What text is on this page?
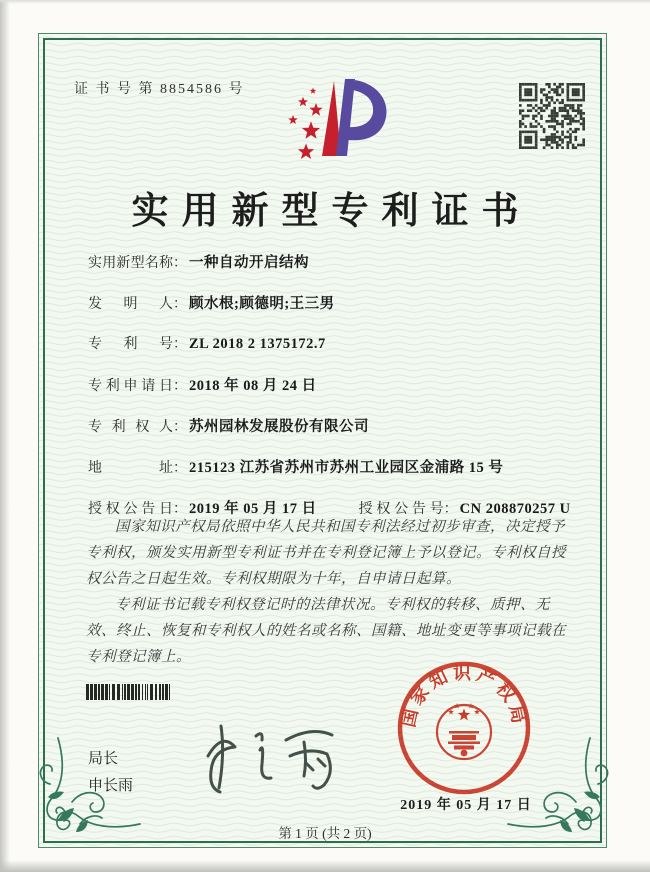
证 书 号 第 8854586 号
实用新型专利证书
实用新型名称 ： 一种自动开启结构
发明人 ： 顾水根;顾德明;王三男
专利号 ： ZL 2018 2 1375172.7
专利申请日 ： 2018 年 08 月 24 日
专利权人 ： 苏州园林发展股份有限公司
地址 ： 215123 江苏省苏州市苏州工业园区金浦路 15 号
授权公告日 ： 2019 年 05 月 17 日	授权公告号 ： CN 208870257 U

国家知识产权局依照中华人民共和国专利法经过初步审查，决定授予专利权，颁发实用新型专利证书并在专利登记簿上予以登记。专利权自授权公告之日起生效。专利权期限为十年，自申请日起算。

专利证书记载专利权登记时的法律状况。专利权的转移、质押、无效、终止、恢复和专利权人的姓名或名称、国籍、地址变更等事项记载在专利登记簿上。

局长
申长雨
国家知识产权局
2019 年 05 月 17 日
第 1 页 (共 2 页)
